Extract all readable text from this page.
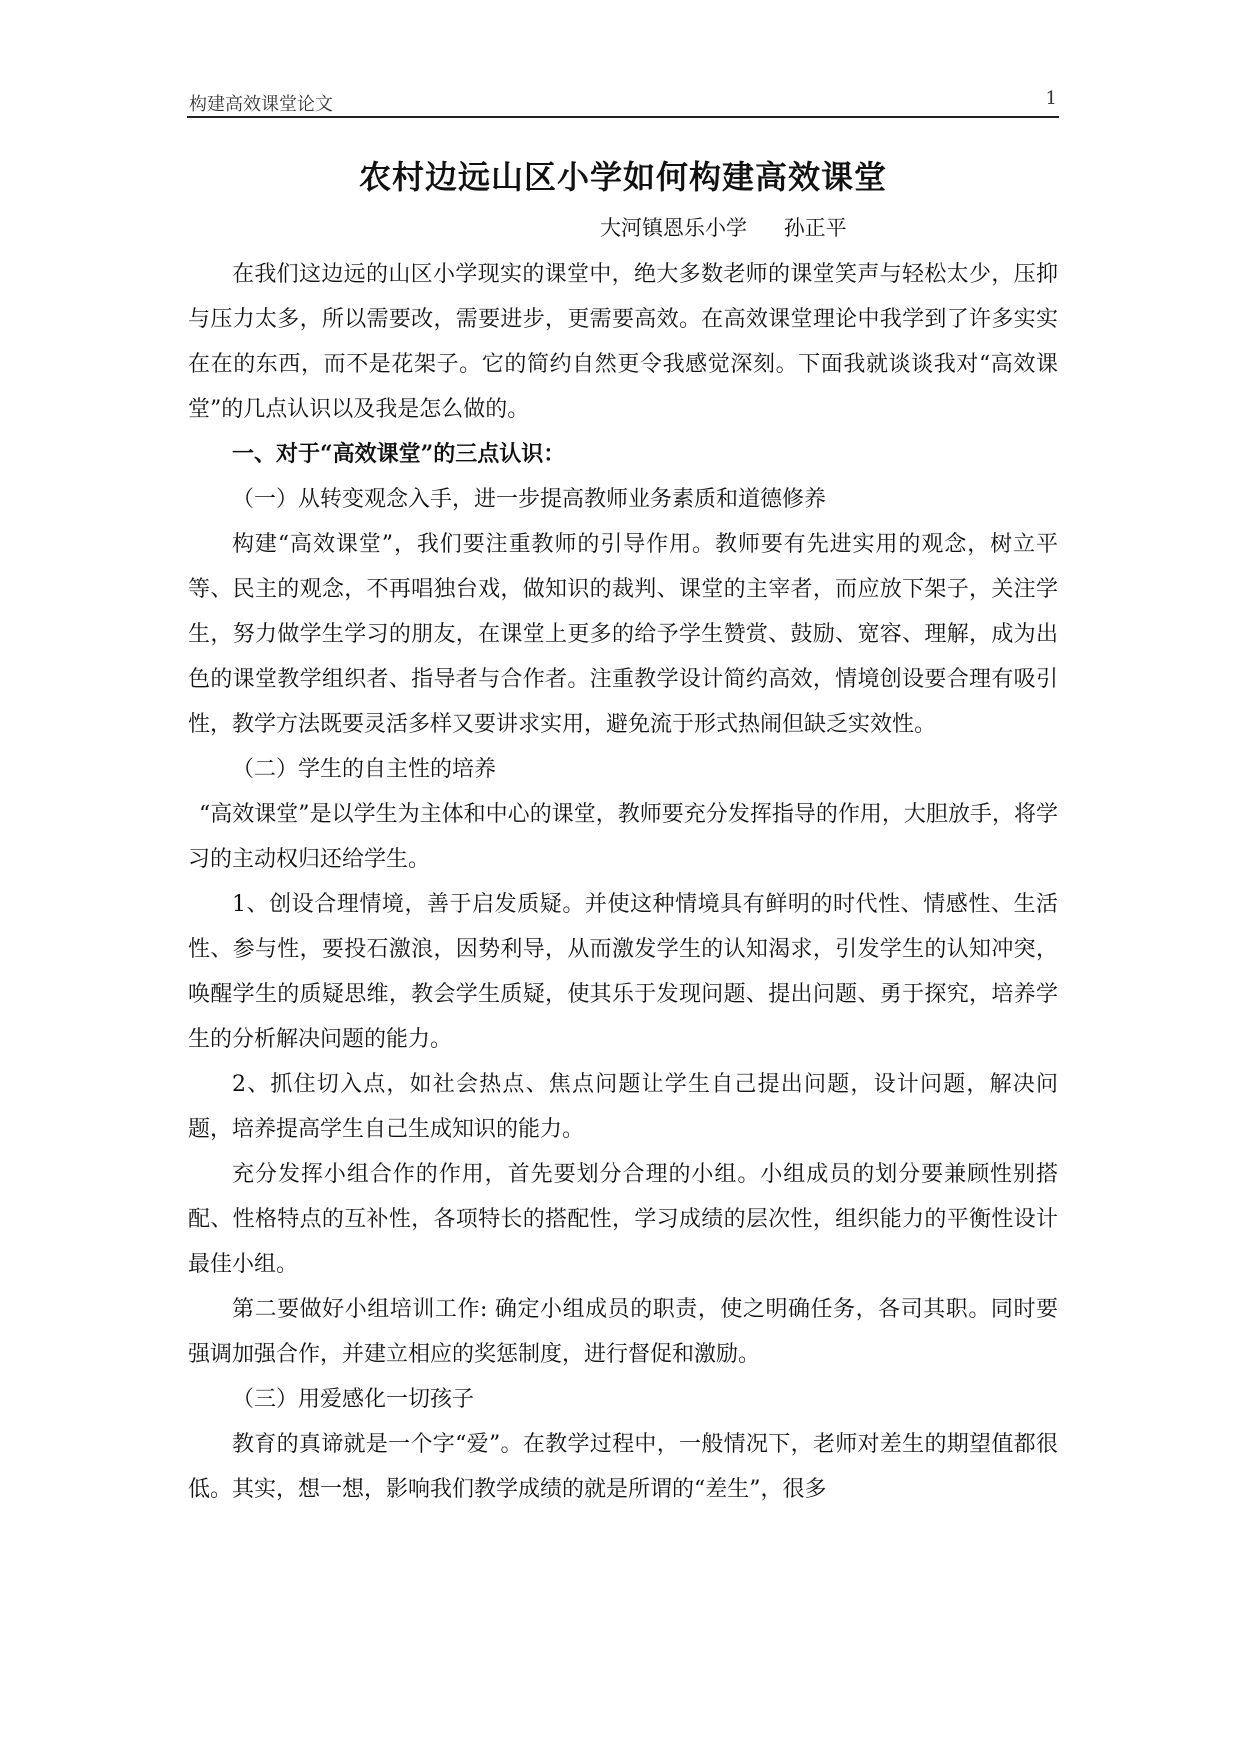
构建高效课堂论文	1
农村边远山区小学如何构建高效课堂
大河镇恩乐小学 孙正平

在我们这边远的山区小学现实的课堂中，绝大多数老师的课堂笑声与轻松太少，压抑与压力太多，所以需要改，需要进步，更需要高效。在高效课堂理论中我学到了许多实实在在的东西，而不是花架子。它的简约自然更令我感觉深刻。下面我就谈谈我对“高效课堂”的几点认识以及我是怎么做的。

一、对于“高效课堂”的三点认识：

（一）从转变观念入手，进一步提高教师业务素质和道德修养

构建“高效课堂”，我们要注重教师的引导作用。教师要有先进实用的观念，树立平等、民主的观念，不再唱独台戏，做知识的裁判、课堂的主宰者，而应放下架子，关注学生，努力做学生学习的朋友，在课堂上更多的给予学生赞赏、鼓励、宽容、理解，成为出色的课堂教学组织者、指导者与合作者。注重教学设计简约高效，情境创设要合理有吸引性，教学方法既要灵活多样又要讲求实用，避免流于形式热闹但缺乏实效性。

（二）学生的自主性的培养

“高效课堂”是以学生为主体和中心的课堂，教师要充分发挥指导的作用，大胆放手，将学习的主动权归还给学生。

1、创设合理情境，善于启发质疑。并使这种情境具有鲜明的时代性、情感性、生活性、参与性，要投石激浪，因势利导，从而激发学生的认知渴求，引发学生的认知冲突，唤醒学生的质疑思维，教会学生质疑，使其乐于发现问题、提出问题、勇于探究，培养学生的分析解决问题的能力。

2、抓住切入点，如社会热点、焦点问题让学生自己提出问题，设计问题，解决问题，培养提高学生自己生成知识的能力。

充分发挥小组合作的作用，首先要划分合理的小组。小组成员的划分要兼顾性别搭配、性格特点的互补性，各项特长的搭配性，学习成绩的层次性，组织能力的平衡性设计最佳小组。

第二要做好小组培训工作: 确定小组成员的职责，使之明确任务，各司其职。同时要强调加强合作，并建立相应的奖惩制度，进行督促和激励。

（三）用爱感化一切孩子

教育的真谛就是一个字“爱”。在教学过程中，一般情况下，老师对差生的期望值都很低。其实，想一想，影响我们教学成绩的就是所谓的“差生”，很多
